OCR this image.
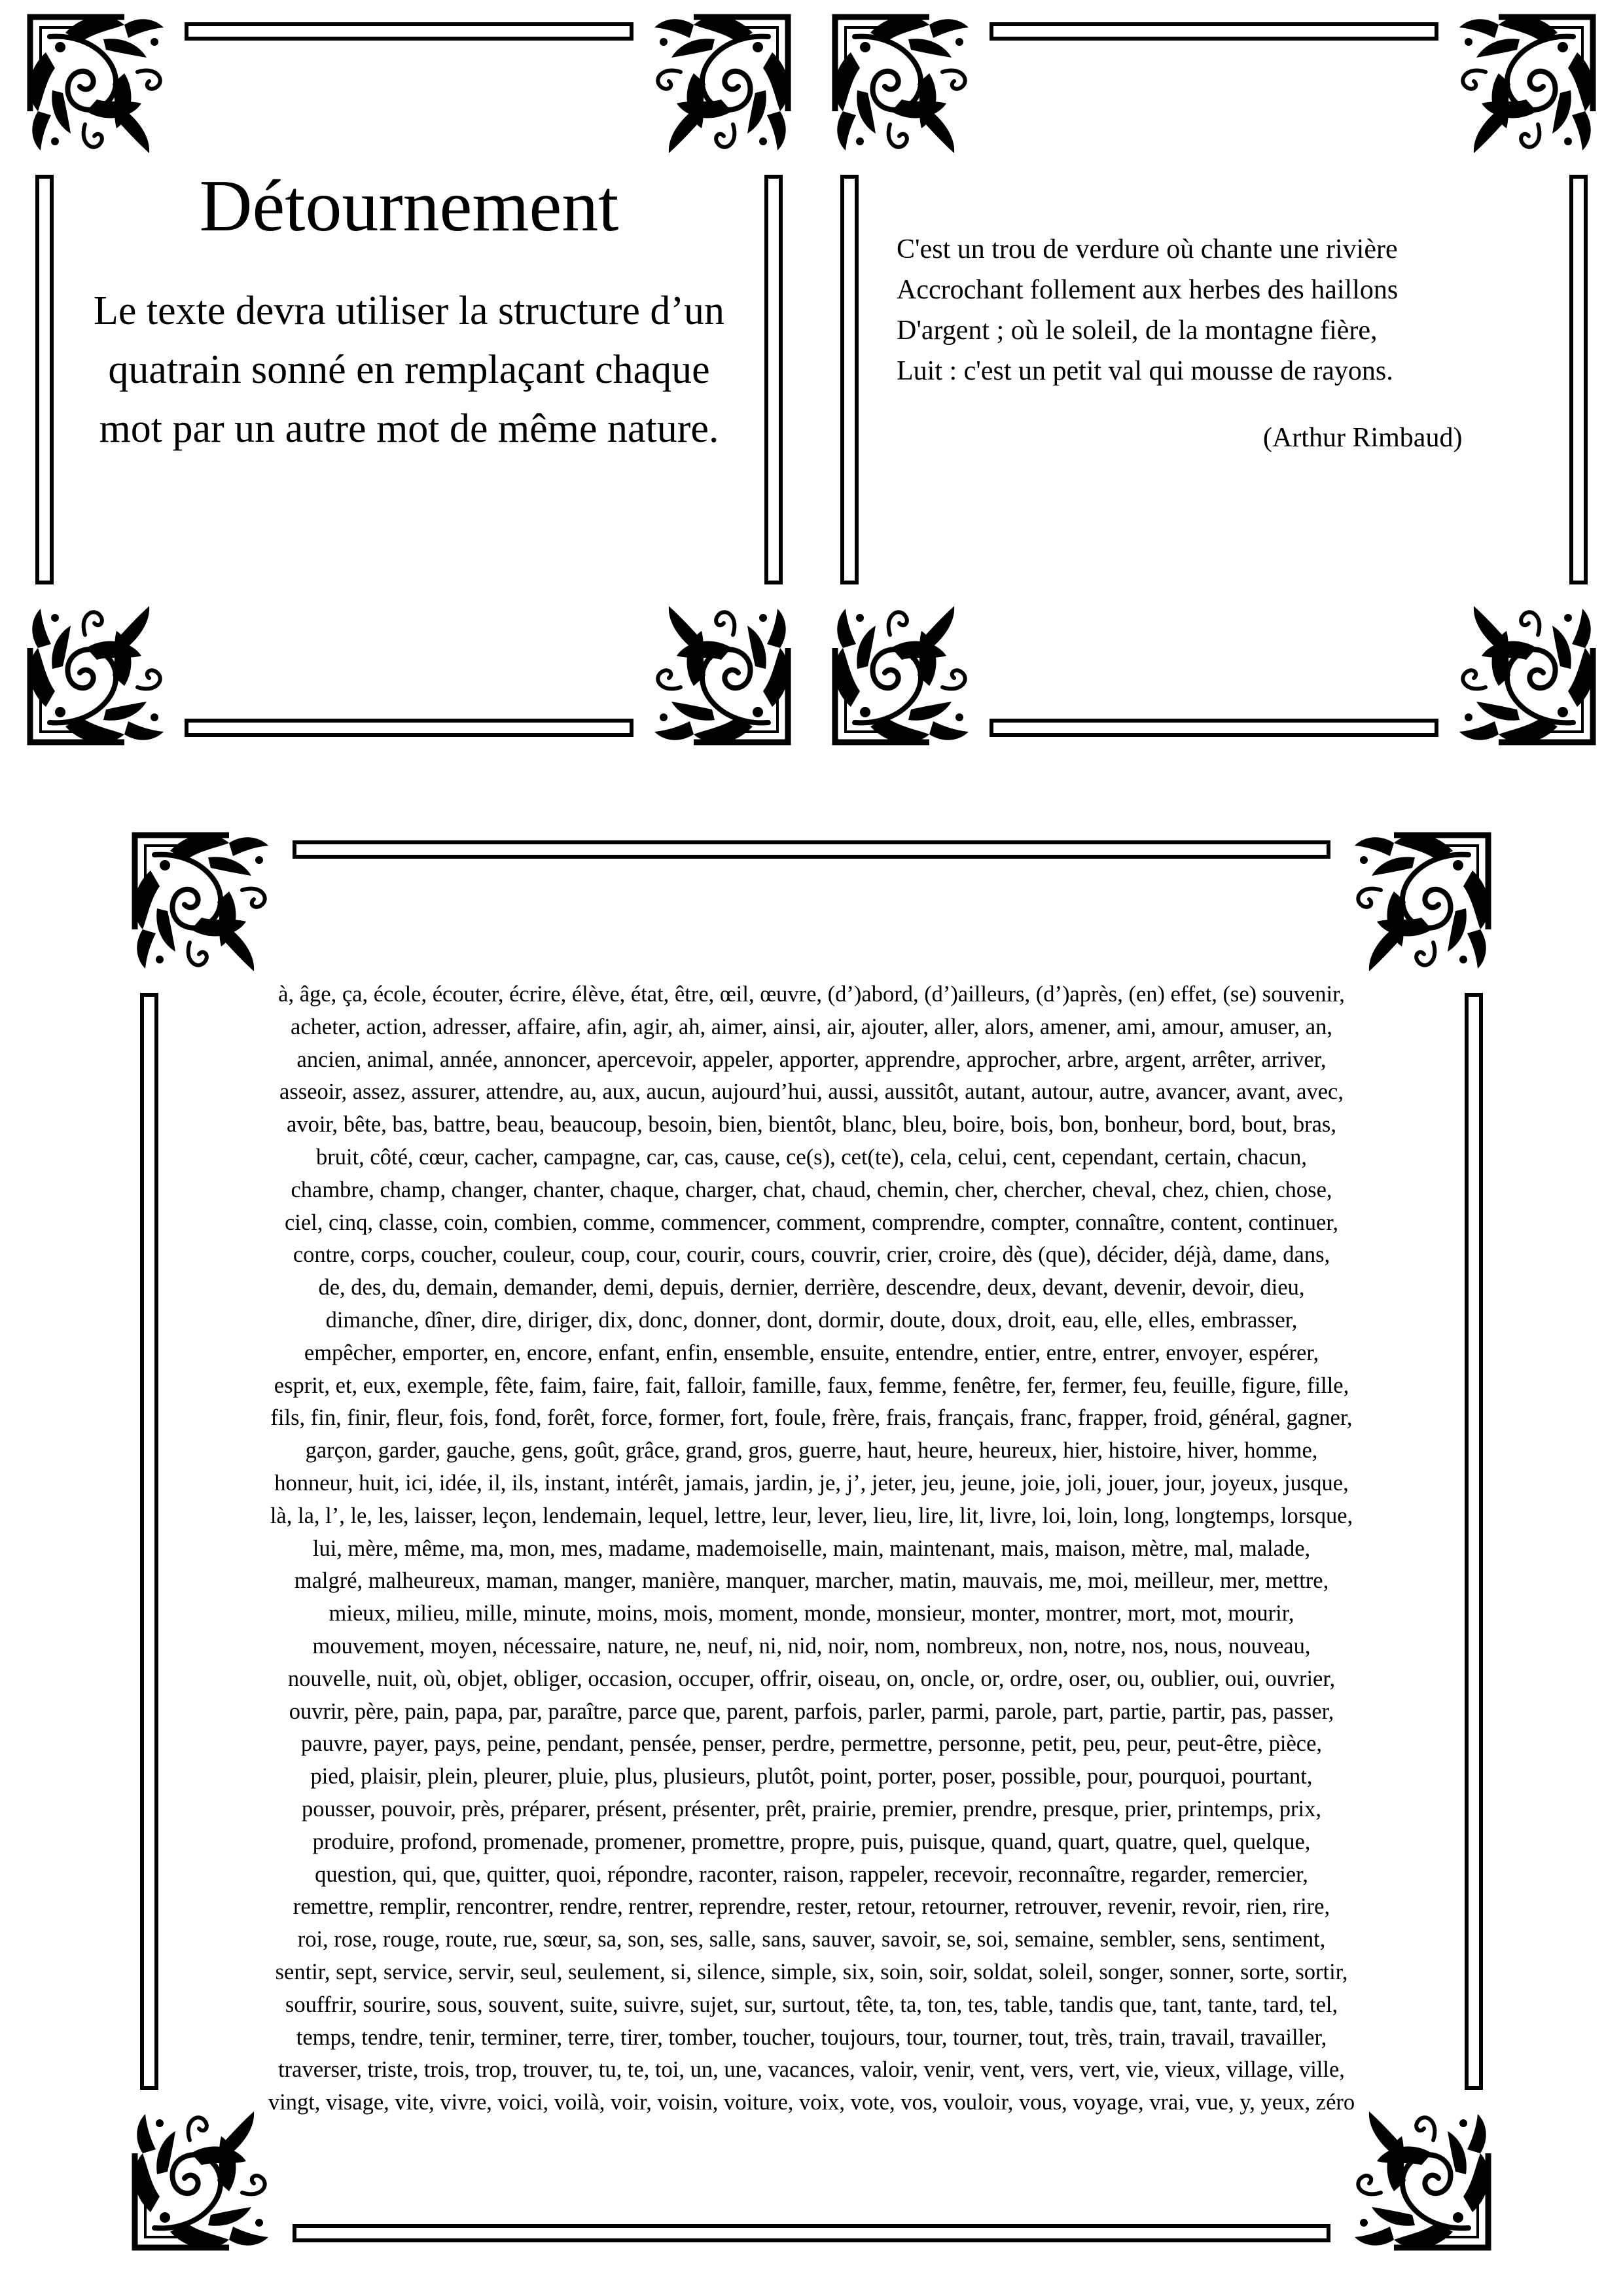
Détournement

Le texte devra utiliser la structure d’un quatrain sonné en remplaçant chaque mot par un autre mot de même nature.

C'est un trou de verdure où chante une rivière
Accrochant follement aux herbes des haillons
D'argent ; où le soleil, de la montagne fière,
Luit : c'est un petit val qui mousse de rayons.
(Arthur Rimbaud)
à, âge, ça, école, écouter, écrire, élève, état, être, œil, œuvre, (d’)abord, (d’)ailleurs, (d’)après, (en) effet, (se) souvenir,
acheter, action, adresser, affaire, afin, agir, ah, aimer, ainsi, air, ajouter, aller, alors, amener, ami, amour, amuser, an,
ancien, animal, année, annoncer, apercevoir, appeler, apporter, apprendre, approcher, arbre, argent, arrêter, arriver,
asseoir, assez, assurer, attendre, au, aux, aucun, aujourd’hui, aussi, aussitôt, autant, autour, autre, avancer, avant, avec,
avoir, bête, bas, battre, beau, beaucoup, besoin, bien, bientôt, blanc, bleu, boire, bois, bon, bonheur, bord, bout, bras,
bruit, côté, cœur, cacher, campagne, car, cas, cause, ce(s), cet(te), cela, celui, cent, cependant, certain, chacun,
chambre, champ, changer, chanter, chaque, charger, chat, chaud, chemin, cher, chercher, cheval, chez, chien, chose,
ciel, cinq, classe, coin, combien, comme, commencer, comment, comprendre, compter, connaître, content, continuer,
contre, corps, coucher, couleur, coup, cour, courir, cours, couvrir, crier, croire, dès (que), décider, déjà, dame, dans,
de, des, du, demain, demander, demi, depuis, dernier, derrière, descendre, deux, devant, devenir, devoir, dieu,
dimanche, dîner, dire, diriger, dix, donc, donner, dont, dormir, doute, doux, droit, eau, elle, elles, embrasser,
empêcher, emporter, en, encore, enfant, enfin, ensemble, ensuite, entendre, entier, entre, entrer, envoyer, espérer,
esprit, et, eux, exemple, fête, faim, faire, fait, falloir, famille, faux, femme, fenêtre, fer, fermer, feu, feuille, figure, fille,
fils, fin, finir, fleur, fois, fond, forêt, force, former, fort, foule, frère, frais, français, franc, frapper, froid, général, gagner,
garçon, garder, gauche, gens, goût, grâce, grand, gros, guerre, haut, heure, heureux, hier, histoire, hiver, homme,
honneur, huit, ici, idée, il, ils, instant, intérêt, jamais, jardin, je, j’, jeter, jeu, jeune, joie, joli, jouer, jour, joyeux, jusque,
là, la, l’, le, les, laisser, leçon, lendemain, lequel, lettre, leur, lever, lieu, lire, lit, livre, loi, loin, long, longtemps, lorsque,
lui, mère, même, ma, mon, mes, madame, mademoiselle, main, maintenant, mais, maison, mètre, mal, malade,
malgré, malheureux, maman, manger, manière, manquer, marcher, matin, mauvais, me, moi, meilleur, mer, mettre,
mieux, milieu, mille, minute, moins, mois, moment, monde, monsieur, monter, montrer, mort, mot, mourir,
mouvement, moyen, nécessaire, nature, ne, neuf, ni, nid, noir, nom, nombreux, non, notre, nos, nous, nouveau,
nouvelle, nuit, où, objet, obliger, occasion, occuper, offrir, oiseau, on, oncle, or, ordre, oser, ou, oublier, oui, ouvrier,
ouvrir, père, pain, papa, par, paraître, parce que, parent, parfois, parler, parmi, parole, part, partie, partir, pas, passer,
pauvre, payer, pays, peine, pendant, pensée, penser, perdre, permettre, personne, petit, peu, peur, peut-être, pièce,
pied, plaisir, plein, pleurer, pluie, plus, plusieurs, plutôt, point, porter, poser, possible, pour, pourquoi, pourtant,
pousser, pouvoir, près, préparer, présent, présenter, prêt, prairie, premier, prendre, presque, prier, printemps, prix,
produire, profond, promenade, promener, promettre, propre, puis, puisque, quand, quart, quatre, quel, quelque,
question, qui, que, quitter, quoi, répondre, raconter, raison, rappeler, recevoir, reconnaître, regarder, remercier,
remettre, remplir, rencontrer, rendre, rentrer, reprendre, rester, retour, retourner, retrouver, revenir, revoir, rien, rire,
roi, rose, rouge, route, rue, sœur, sa, son, ses, salle, sans, sauver, savoir, se, soi, semaine, sembler, sens, sentiment,
sentir, sept, service, servir, seul, seulement, si, silence, simple, six, soin, soir, soldat, soleil, songer, sonner, sorte, sortir,
souffrir, sourire, sous, souvent, suite, suivre, sujet, sur, surtout, tête, ta, ton, tes, table, tandis que, tant, tante, tard, tel,
temps, tendre, tenir, terminer, terre, tirer, tomber, toucher, toujours, tour, tourner, tout, très, train, travail, travailler,
traverser, triste, trois, trop, trouver, tu, te, toi, un, une, vacances, valoir, venir, vent, vers, vert, vie, vieux, village, ville,
vingt, visage, vite, vivre, voici, voilà, voir, voisin, voiture, voix, vote, vos, vouloir, vous, voyage, vrai, vue, y, yeux, zéro
